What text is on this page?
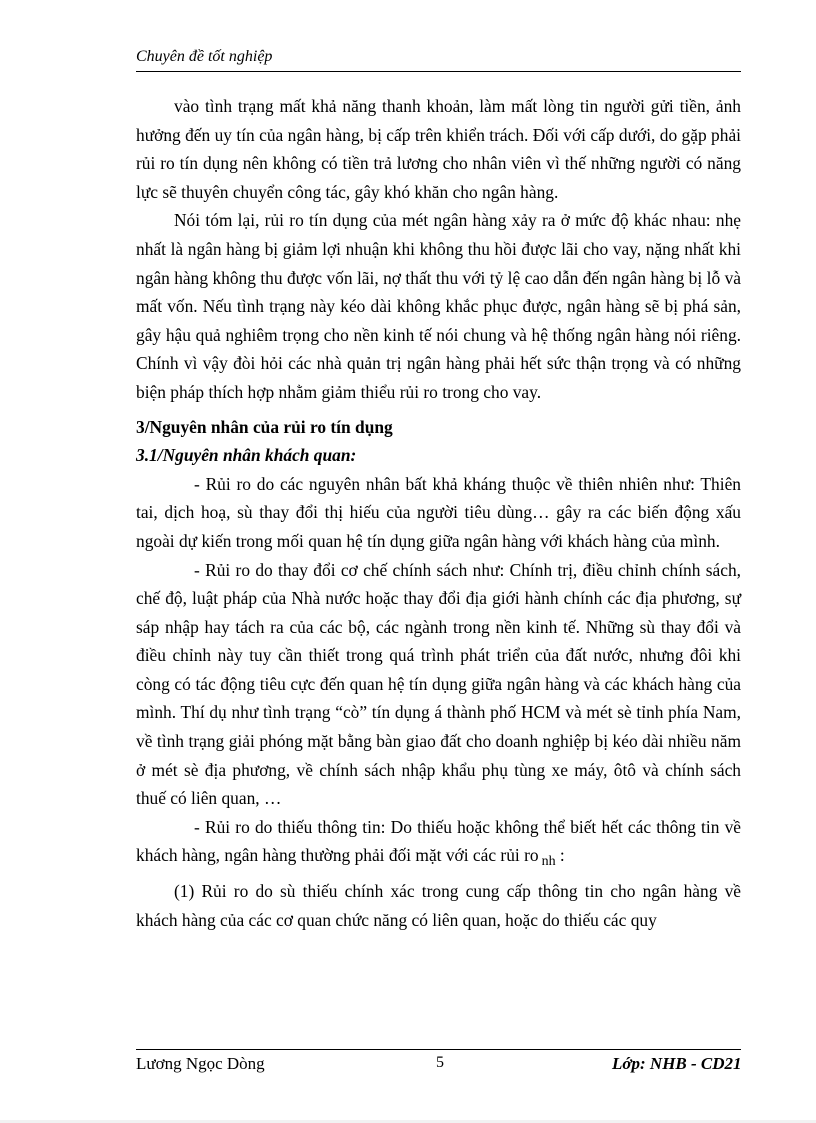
Chuyên đề tốt nghiệp

vào tình trạng mất khả năng thanh khoản, làm mất lòng tin người gửi tiền, ảnh hưởng đến uy tín của ngân hàng, bị cấp trên khiển trách. Đối với cấp dưới, do gặp phải rủi ro tín dụng nên không có tiền trả lương cho nhân viên vì thế những người có năng lực sẽ thuyên chuyển công tác, gây khó khăn cho ngân hàng.

Nói tóm lại, rủi ro tín dụng của mét ngân hàng xảy ra ở mức độ khác nhau: nhẹ nhất là ngân hàng bị giảm lợi nhuận khi không thu hồi được lãi cho vay, nặng nhất khi ngân hàng không thu được vốn lãi, nợ thất thu với tỷ lệ cao dẫn đến ngân hàng bị lỗ và mất vốn. Nếu tình trạng này kéo dài không khắc phục được, ngân hàng sẽ bị phá sản, gây hậu quả nghiêm trọng cho nền kinh tế nói chung và hệ thống ngân hàng nói riêng. Chính vì vậy đòi hỏi các nhà quản trị ngân hàng phải hết sức thận trọng và có những biện pháp thích hợp nhằm giảm thiểu rủi ro trong cho vay.

3/Nguyên nhân của rủi ro tín dụng

3.1/Nguyên nhân khách quan:

- Rủi ro do các nguyên nhân bất khả kháng thuộc về thiên nhiên như: Thiên tai, dịch hoạ, sù thay đổi thị hiếu của người tiêu dùng… gây ra các biến động xấu ngoài dự kiến trong mối quan hệ tín dụng giữa ngân hàng với khách hàng của mình.

- Rủi ro do thay đổi cơ chế chính sách như: Chính trị, điều chỉnh chính sách, chế độ, luật pháp của Nhà nước hoặc thay đổi địa giới hành chính các địa phương, sự sáp nhập hay tách ra của các bộ, các ngành trong nền kinh tế. Những sù thay đổi và điều chỉnh này tuy cần thiết trong quá trình phát triển của đất nước, nhưng đôi khi còng có tác động tiêu cực đến quan hệ tín dụng giữa ngân hàng và các khách hàng của mình. Thí dụ như tình trạng “cò” tín dụng á thành phố HCM và mét sè tỉnh phía Nam, về tình trạng giải phóng mặt bằng bàn giao đất cho doanh nghiệp bị kéo dài nhiều năm ở mét sè địa phương, về chính sách nhập khẩu phụ tùng xe máy, ôtô và chính sách thuế có liên quan, …

- Rủi ro do thiếu thông tin: Do thiếu hoặc không thể biết hết các thông tin về khách hàng, ngân hàng thường phải đối mặt với các rủi ro $_{nh}$ :

(1) Rủi ro do sù thiếu chính xác trong cung cấp thông tin cho ngân hàng về khách hàng của các cơ quan chức năng có liên quan, hoặc do thiếu các quy

Lương Ngọc Dòng	5	Lớp: NHB - CD21
